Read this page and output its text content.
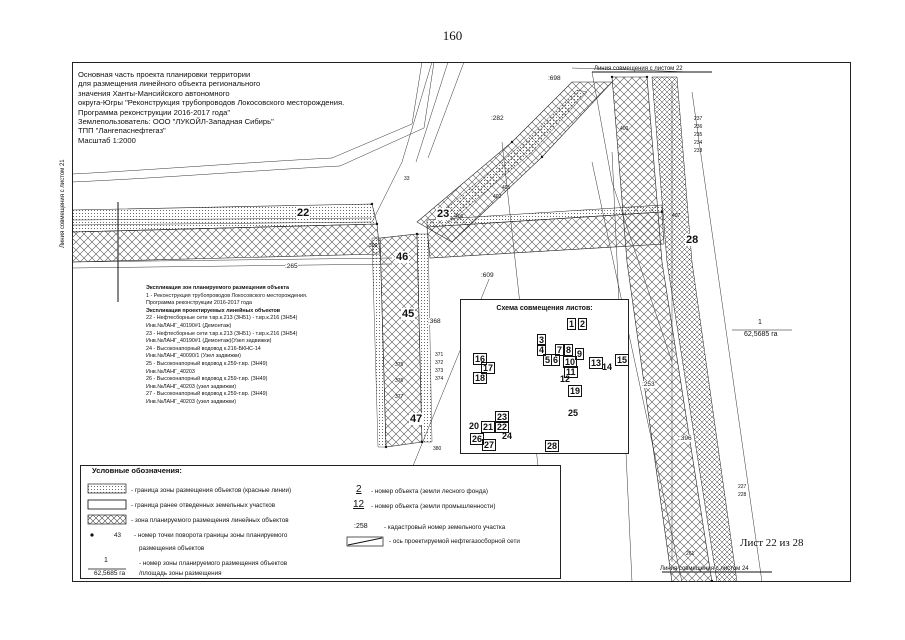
160
Основная часть проекта планировки территории
для размещения линейного объекта регионального
значения Ханты-Мансийского автономного
округа-Югры "Реконструкция трубопроводов Локосовского месторождения.
Программа реконструкции 2016-2017 года"
Землепользователь: ООО "ЛУКОЙЛ-Западная Сибирь"
ТПП "Лангепаснефтегаз"
Масштаб 1:2000
Линия совмещения с листом 22
Линия совмещения с листом 24
Линия совмещения с листом 21	22	23
28
45
46
47
:698
:282
:265
:609
:253
:368
:396
33
237
236
235
234
233
400
401
402
406	407
396
371
372
373
374
375
376
377
380
227
228
261
Экспликация зон планируемого размещения объекта
1 - Реконструкция трубопроводов Локосовского месторождения.
Программа реконструкции 2016-2017 года
Экспликация проектируемых линейных объектов
22 - Нефтесборные сети т.вр.к.213 (ЗН51) - т.вр.к.216 (ЗН54)
Инв.№ЛАНГ_40190#1 (Демонтаж)
23 - Нефтесборные сети т.вр.к.213 (ЗН51) - т.вр.к.216 (ЗН54)
Инв.№ЛАНГ_40190#1 (Демонтаж)(Узел задвижки)
24 - Высоконапорный водовод к.216-БКНС-14
Инв.№ЛАНГ_40090/1 (Узел задвижки)
25 - Высоконапорный водовод к.259-т.вр. (ЗН49)
Инв.№ЛАНГ_40203
26 - Высоконапорный водовод к.259-т.вр. (ЗН49)
Инв.№ЛАНГ_40203 (узел задвижки)
27 - Высоконапорный водовод к.259-т.вр. (ЗН49)
Инв.№ЛАНГ_40203 (узел задвижки)
Схема совмещения листов:
1 2
3
4
5 6
7 8 9
10
11
12
13 14
15
16
17
18
19
20 21 22
23
24
25
26
27	28
1
62,5685 га
Условные обозначения:
- граница зоны размещения объектов (красные линии)
- граница ранее отведенных земельных участков
- зона планируемого размещения линейных объектов
43 - номер точки поворота границы зоны планируемого
размещения объектов
1
62,5685 га
- номер зоны планируемого размещения объектов
/площадь зоны размещения
2 - номер объекта (земли лесного фонда)
12 - номер объекта (земли промышленности)
:258	- кадастровый номер земельного участка
- ось проектируемой нефтегазосборной сети	Лист 22 из 28
